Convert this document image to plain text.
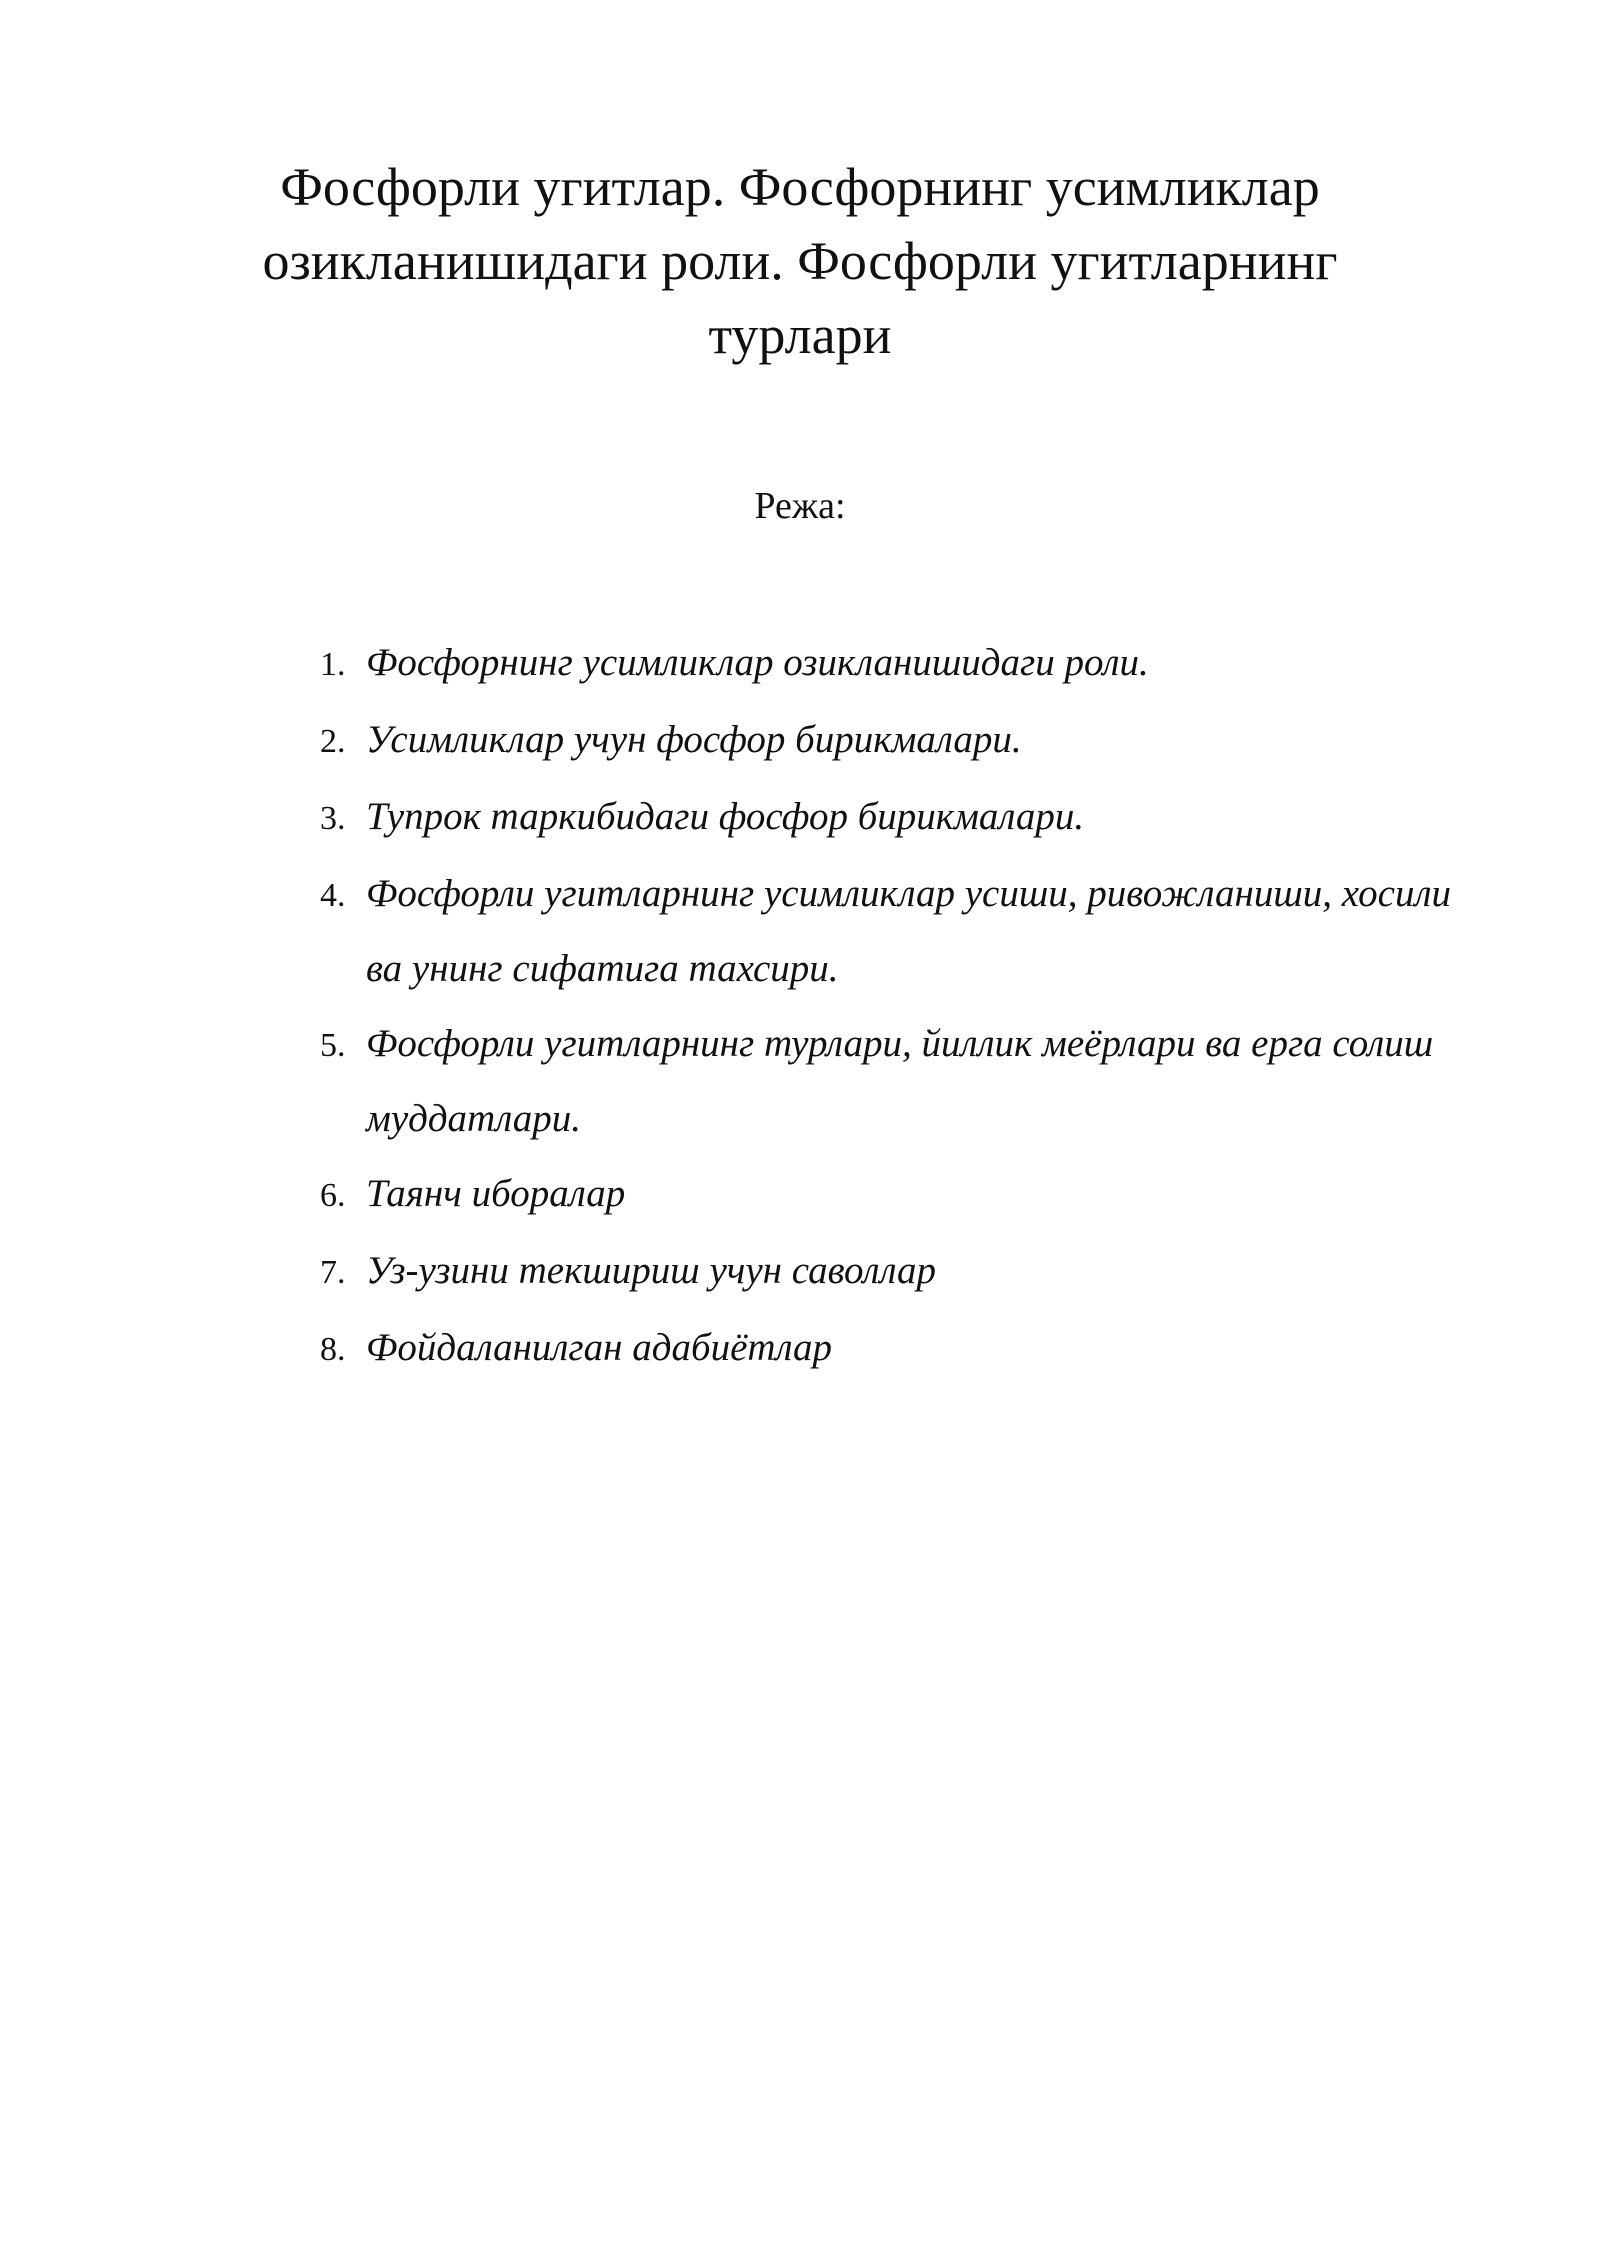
Фосфорли угитлар. Фосфорнинг усимликлар озикланишидаги роли. Фосфорли угитларнинг турлари
Режа:
1. Фосфорнинг усимликлар озикланишидаги роли.
2. Усимликлар учун фосфор бирикмалари.
3. Тупрок таркибидаги фосфор бирикмалари.
4. Фосфорли угитларнинг усимликлар усиши, ривожланиши, хосили ва унинг сифатига тахсири.
5. Фосфорли угитларнинг турлари, йиллик меёрлари ва ерга солиш муддатлари.
6. Таянч иборалар
7. Уз-узини текшириш учун саволлар
8. Фойдаланилган адабиётлар
